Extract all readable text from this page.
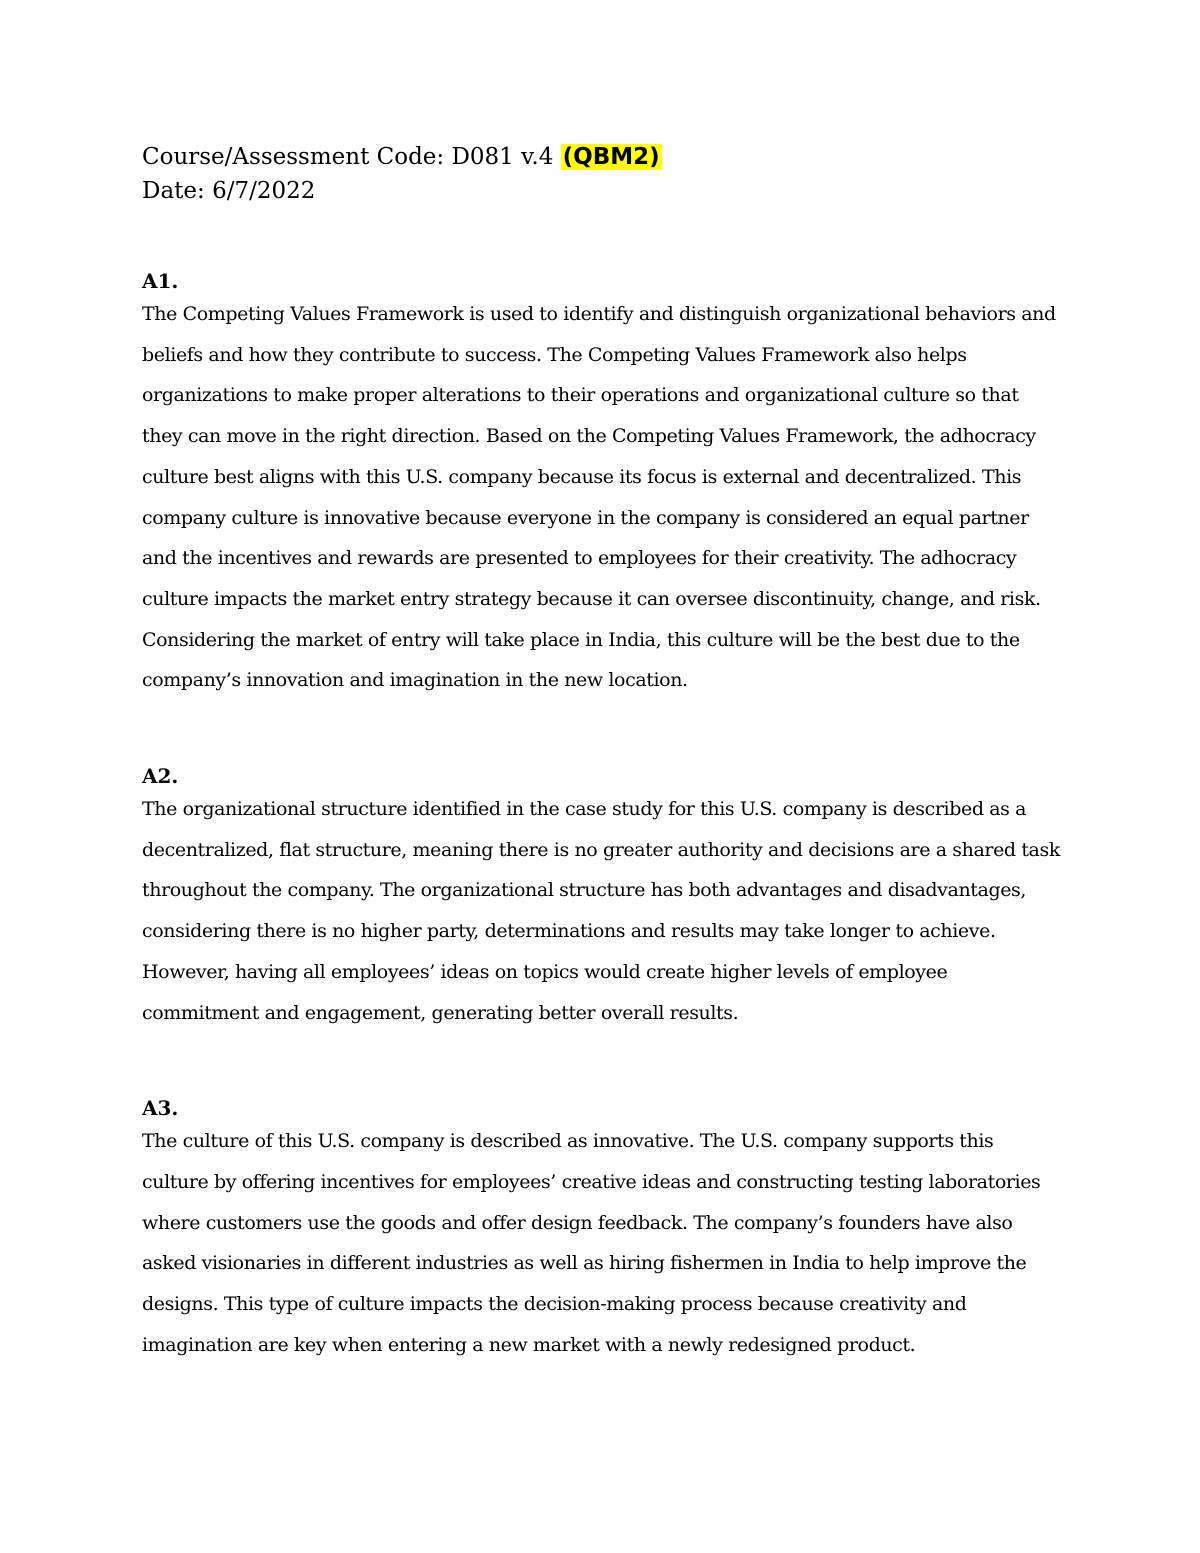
Course/Assessment Code: D081 v.4 (QBM2)

Date: 6/7/2022

A1.

The Competing Values Framework is used to identify and distinguish organizational behaviors and beliefs and how they contribute to success. The Competing Values Framework also helps organizations to make proper alterations to their operations and organizational culture so that they can move in the right direction. Based on the Competing Values Framework, the adhocracy culture best aligns with this U.S. company because its focus is external and decentralized. This company culture is innovative because everyone in the company is considered an equal partner and the incentives and rewards are presented to employees for their creativity. The adhocracy culture impacts the market entry strategy because it can oversee discontinuity, change, and risk. Considering the market of entry will take place in India, this culture will be the best due to the company’s innovation and imagination in the new location.

A2.

The organizational structure identified in the case study for this U.S. company is described as a decentralized, flat structure, meaning there is no greater authority and decisions are a shared task throughout the company. The organizational structure has both advantages and disadvantages, considering there is no higher party, determinations and results may take longer to achieve. However, having all employees’ ideas on topics would create higher levels of employee commitment and engagement, generating better overall results.

A3.

The culture of this U.S. company is described as innovative. The U.S. company supports this culture by offering incentives for employees’ creative ideas and constructing testing laboratories where customers use the goods and offer design feedback. The company’s founders have also asked visionaries in different industries as well as hiring fishermen in India to help improve the designs. This type of culture impacts the decision-making process because creativity and imagination are key when entering a new market with a newly redesigned product.
